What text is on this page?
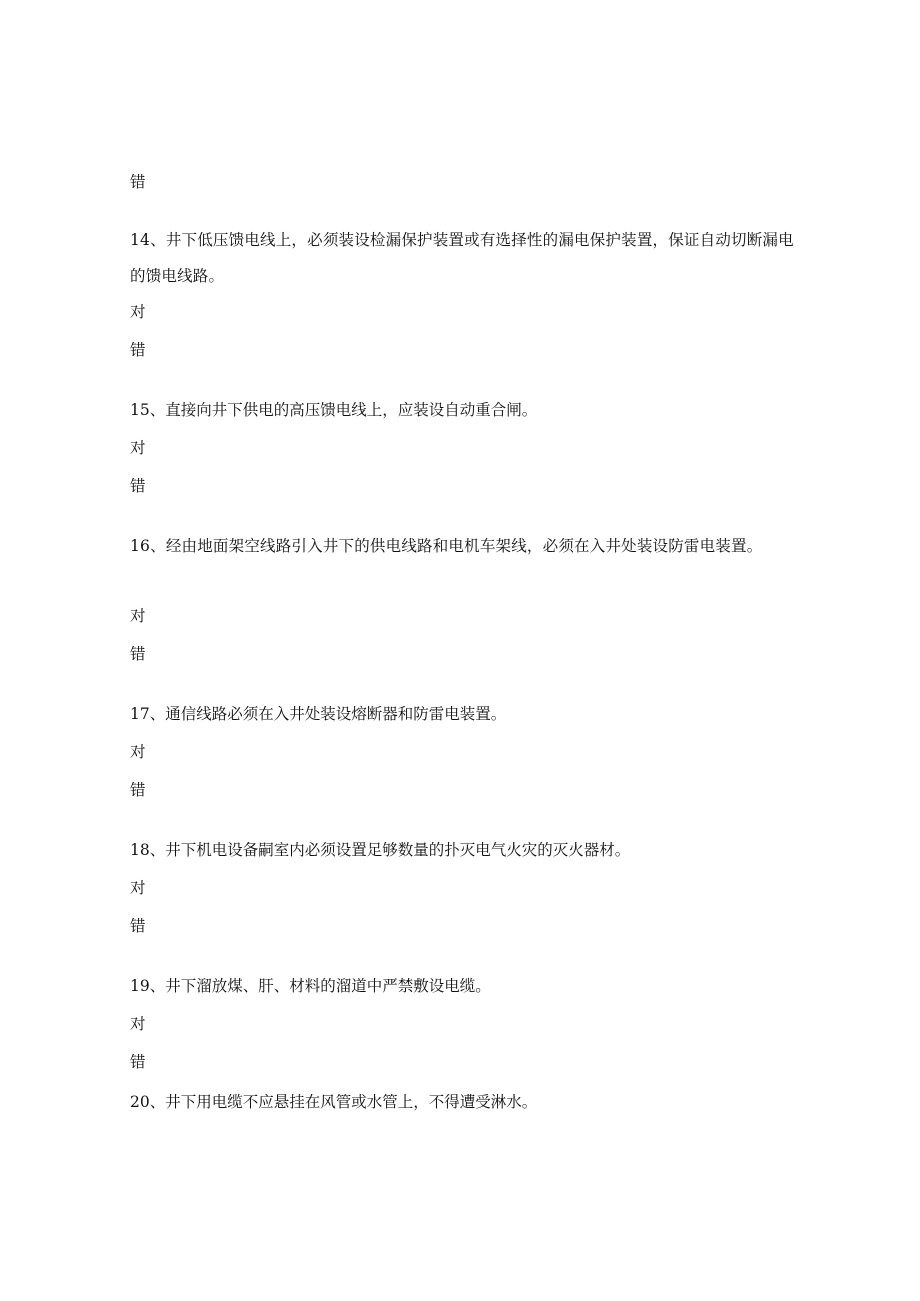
错
14、井下低压馈电线上，必须装设检漏保护装置或有选择性的漏电保护装置，保证自动切断漏电的馈电线路。
对
错
15、直接向井下供电的高压馈电线上，应装设自动重合闸。
对
错
16、经由地面架空线路引入井下的供电线路和电机车架线，必须在入井处装设防雷电装置。
对
错
17、通信线路必须在入井处装设熔断器和防雷电装置。
对
错
18、井下机电设备嗣室内必须设置足够数量的扑灭电气火灾的灭火器材。
对
错
19、井下溜放煤、肝、材料的溜道中严禁敷设电缆。
对
错
20、井下用电缆不应悬挂在风管或水管上，不得遭受淋水。
